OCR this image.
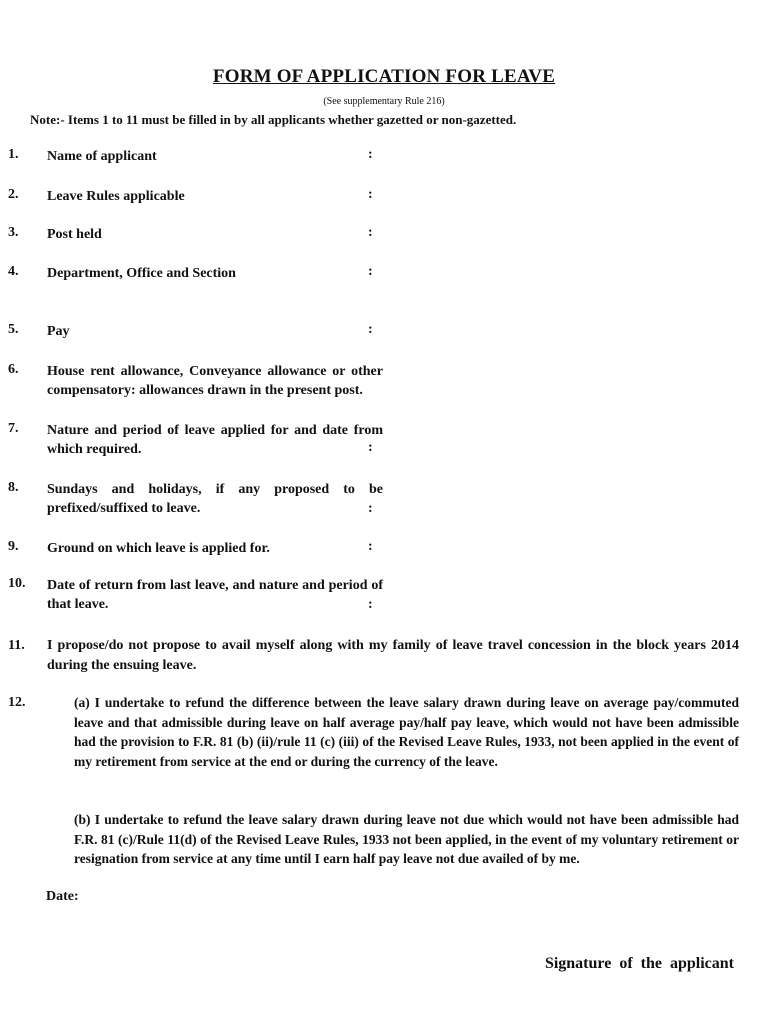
FORM OF APPLICATION FOR LEAVE
(See supplementary Rule 216)
Note:- Items 1 to 11 must be filled in by all applicants whether gazetted or non-gazetted.
1.	Name of applicant	:
2.	Leave Rules applicable	:
3.	Post held	:
4.	Department, Office and Section	:
5.	Pay	:
6.	House rent allowance, Conveyance allowance or other compensatory: allowances drawn in the present post.
7.	Nature and period of leave applied for and date from which required.	:
8.	Sundays and holidays, if any proposed to be prefixed/suffixed to leave.	:
9.	Ground on which leave is applied for.	:
10.	Date of return from last leave, and nature and period of that leave.	:
11.	I propose/do not propose to avail myself along with my family of leave travel concession in the block years 2014 during the ensuing leave.
12.	(a) I undertake to refund the difference between the leave salary drawn during leave on average pay/commuted leave and that admissible during leave on half average pay/half pay leave, which would not have been admissible had the provision to F.R. 81 (b) (ii)/rule 11 (c) (iii) of the Revised Leave Rules, 1933, not been applied in the event of my retirement from service at the end or during the currency of the leave.
(b) I undertake to refund the leave salary drawn during leave not due which would not have been admissible had F.R. 81 (c)/Rule 11(d) of the Revised Leave Rules, 1933 not been applied, in the event of my voluntary retirement or resignation from service at any time until I earn half pay leave not due availed of by me.
Date:
Signature of the applicant
